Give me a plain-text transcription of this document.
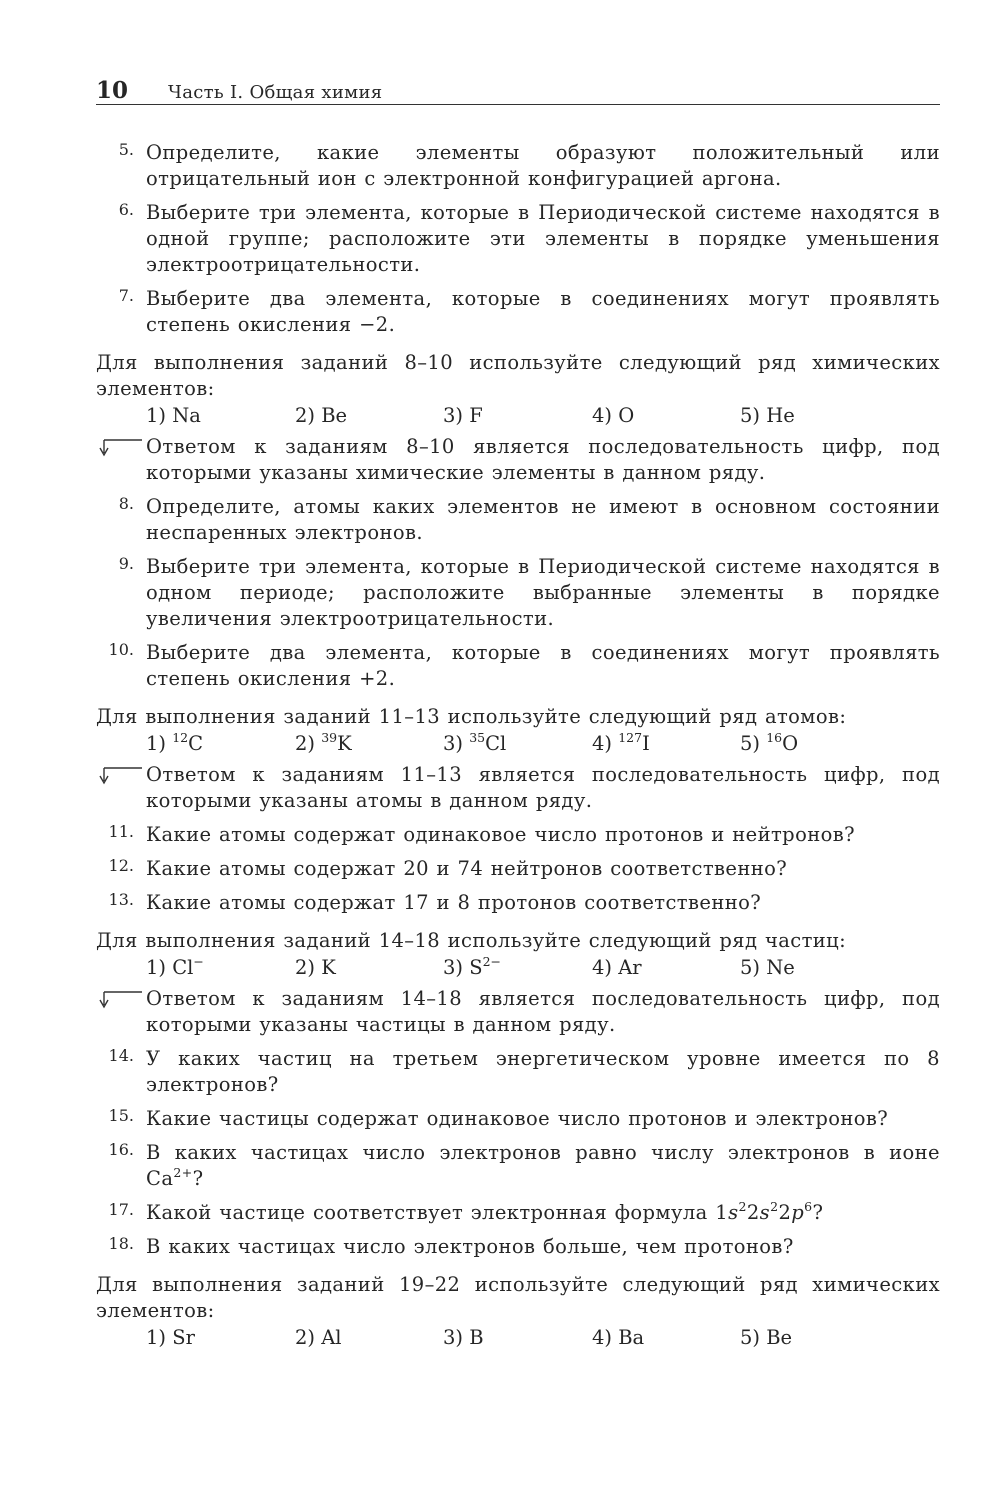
10 Часть I. Общая химия
5. Определите, какие элементы образуют положительный или отрицательный ион с электронной конфигурацией аргона.

6. Выберите три элемента, которые в Периодической системе находятся в одной группе; расположите эти элементы в порядке уменьшения электроотрицательности.

7. Выберите два элемента, которые в соединениях могут проявлять степень окисления −2.

Для выполнения заданий 8–10 используйте следующий ряд химических элементов:

1) Na	2) Be	3) F	4) O	5) He

Ответом к заданиям 8–10 является последовательность цифр, под которыми указаны химические элементы в данном ряду.

8. Определите, атомы каких элементов не имеют в основном состоянии неспаренных электронов.

9. Выберите три элемента, которые в Периодической системе находятся в одном периоде; расположите выбранные элементы в порядке увеличения электроотрицательности.

10. Выберите два элемента, которые в соединениях могут проявлять степень окисления +2.

Для выполнения заданий 11–13 используйте следующий ряд атомов:

1) $^{12}$C	2) $^{39}$K	3) $^{35}$Cl	4) $^{127}$I	5) $^{16}$O

Ответом к заданиям 11–13 является последовательность цифр, под которыми указаны атомы в данном ряду.

11. Какие атомы содержат одинаковое число протонов и нейтронов?

12. Какие атомы содержат 20 и 74 нейтронов соответственно?

13. Какие атомы содержат 17 и 8 протонов соответственно?

Для выполнения заданий 14–18 используйте следующий ряд частиц:

1) Cl−	2) K	3) $S^{2-}$	4) Ar	5) Ne

Ответом к заданиям 14–18 является последовательность цифр, под которыми указаны частицы в данном ряду.

14. У каких частиц на третьем энергетическом уровне имеется по 8 электронов?

15. Какие частицы содержат одинаковое число протонов и электронов?

16. В каких частицах число электронов равно числу электронов в ионе $Ca^{2+}$?

17. Какой частице соответствует электронная формула $1s^22s^22p^6$?

18. В каких частицах число электронов больше, чем протонов?

Для выполнения заданий 19–22 используйте следующий ряд химических элементов:

1) Sr	2) Al	3) B	4) Ba	5) Be
